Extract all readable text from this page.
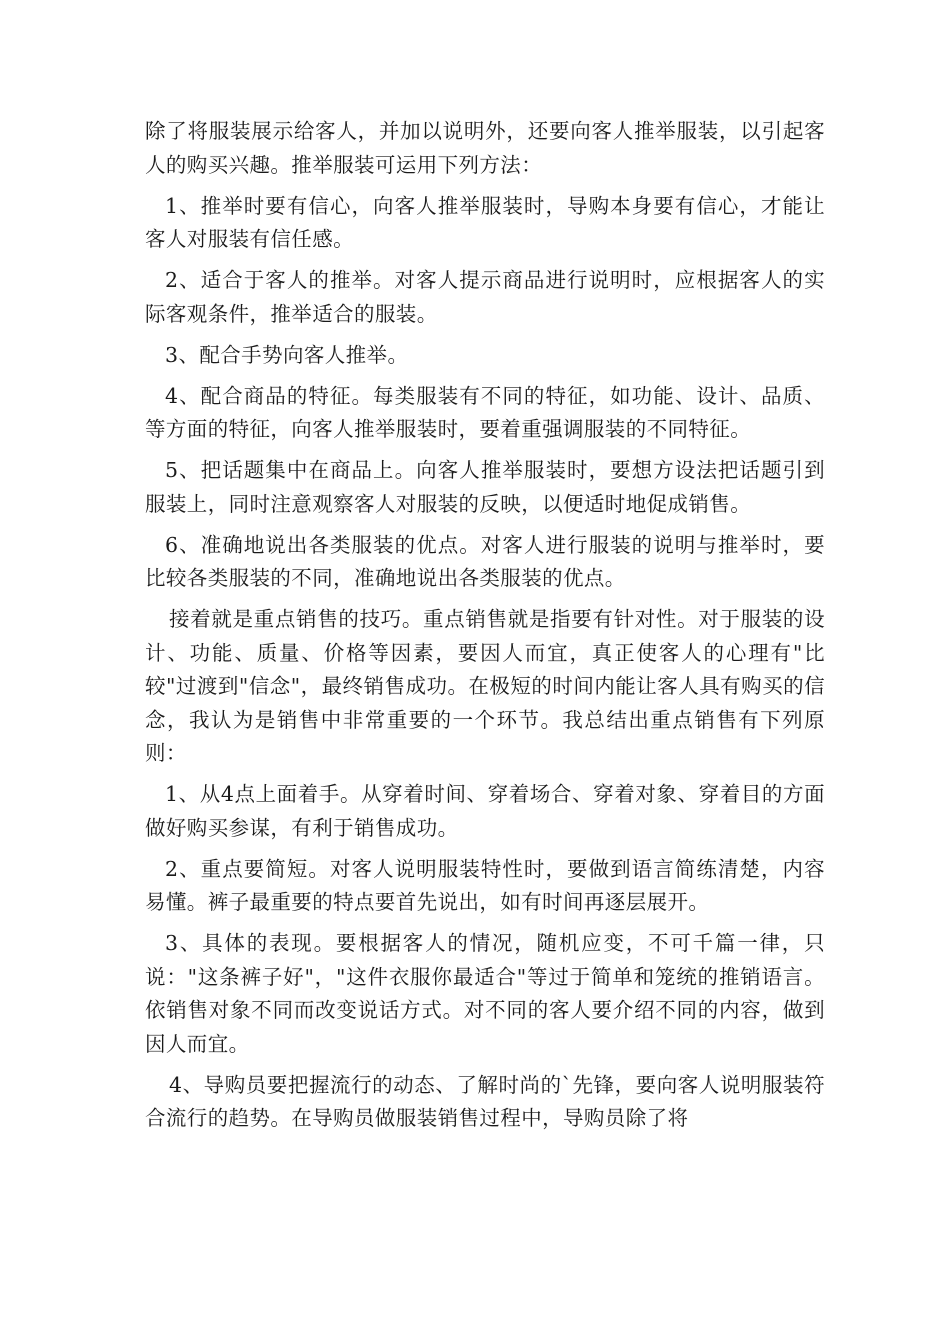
除了将服装展示给客人，并加以说明外，还要向客人推举服装，以引起客人的购买兴趣。推举服装可运用下列方法：

1、推举时要有信心，向客人推举服装时，导购本身要有信心，才能让客人对服装有信任感。

2、适合于客人的推举。对客人提示商品进行说明时，应根据客人的实际客观条件，推举适合的服装。

3、配合手势向客人推举。

4、配合商品的特征。每类服装有不同的特征，如功能、设计、品质、等方面的特征，向客人推举服装时，要着重强调服装的不同特征。

5、把话题集中在商品上。向客人推举服装时，要想方设法把话题引到服装上，同时注意观察客人对服装的反映，以便适时地促成销售。

6、准确地说出各类服装的优点。对客人进行服装的说明与推举时，要比较各类服装的不同，准确地说出各类服装的优点。

接着就是重点销售的技巧。重点销售就是指要有针对性。对于服装的设计、功能、质量、价格等因素，要因人而宜，真正使客人的心理有"比较"过渡到"信念"，最终销售成功。在极短的时间内能让客人具有购买的信念，我认为是销售中非常重要的一个环节。我总结出重点销售有下列原则：

1、从4点上面着手。从穿着时间、穿着场合、穿着对象、穿着目的方面做好购买参谋，有利于销售成功。

2、重点要简短。对客人说明服装特性时，要做到语言简练清楚，内容易懂。裤子最重要的特点要首先说出，如有时间再逐层展开。

3、具体的表现。要根据客人的情况，随机应变，不可千篇一律，只说："这条裤子好"，"这件衣服你最适合"等过于简单和笼统的推销语言。依销售对象不同而改变说话方式。对不同的客人要介绍不同的内容，做到因人而宜。

4、导购员要把握流行的动态、了解时尚的`先锋，要向客人说明服装符合流行的趋势。在导购员做服装销售过程中，导购员除了将
